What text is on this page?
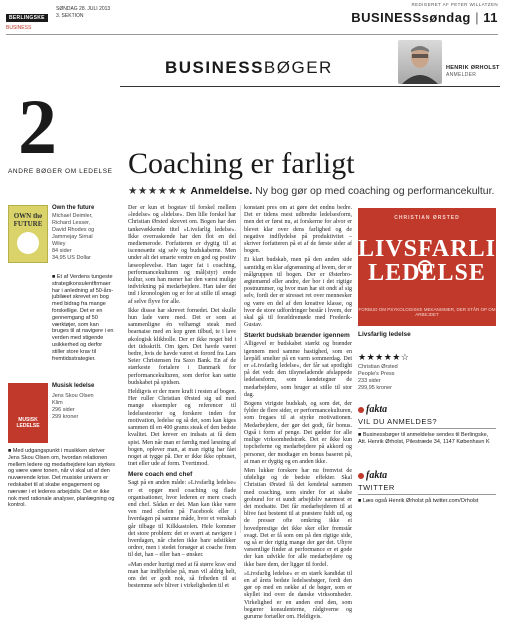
BERLINGSKE
BUSINESS
SØNDAG 28. JULI 2013
3. SEKTION
REDIGERET AF PETER WILLATZEN
BUSINESSsøndag | 11
BUSINESSBØGER	HENRIK ØRHOLST
ANMELDER
2
ANDRE BØGER OM LEDELSE
OWN the FUTURE
Own the future
Michael Deimler,
Richard Lesser,
David Rhodes og
Jammejay Sirnal
Wiley
84 sider
34,95 US Dollar
■ Et af Verdens tungeste strategikonsulentfirmaer har i anledning af 50-års-jubilæet skrevet en bog med bidrag fra mange forskellige. Det er en gennemgang af 50 værktøjer, som kan bruges til at navigere i en verden med stigende usikkerhed og derfor stiller store krav til fremtidsstrategier.
MUSISK LEDELSE
Musisk ledelse
Jens Skou Olsen
Klim
296 sider
299 kroner
■ Med udgangspunkt i musikken skriver Jens Skou Olsen om, hvordan relationen mellem ledere og medarbejdere kan styrkes og være være tonen, når vi skal ud af den nuværende krise. Det musiske univers er redskabet til at skabe engagement og nærvær i et lederes arbejdsliv. Det er ikke nok med rationale analyser, planlægning og kontrol.
Coaching er farligt
★★★★★★ Anmeldelse. Ny bog gør op med coaching og performancekultur.

Der er kun et bogstav til forskel mellem »ledelse« og »lidelse«. Den lille forskel har Christian Ørsted skrevet om. Bogen har den tankevækkende titel »Livsfarlig ledelse«. Ikke overraskende har den flot en del mediemerode. Forfatteren er dygtig til at iscenesætte sig selv og budskaberne. Men under alt det smarte ventre en god og positiv læseoplevelse. Han tager fat i coaching, performancekulturen og mål(styr) erede kultur, som han mener har den værst mulige indvirkning på medarbejdere. Han taler det ind i kronologien og er for at stille til smagt af selve flyve for alle.

Ikke dissse har skrevet fornedet. Det skulle hun lade være med. Det er som at sammenligne én velhængt steak med bearnaise med en kop grøn tilbud, te i lave økologisk klikbolle. Der er ikke noget bid i det tidsskrift. Om igen. Det havde været bedre, hvis de havde været et forord fra Lars Seier Christensen fra Saxo Bank. En af de stærkeste fortalere i Danmark for performancekulturen, som derfor kan sætte budskabet på spidsen.

Heldigvis er der mere kraft i resten af bogen. Her ruller Christian Ørsted sig ud med mange eksempler og referencer til ledelsesteorier og forskere inden for motivation, ledelse og så det, som kan kiges sammen til en 400 grams steak ef den bedste kvalitet. Det krever en indsats at få dem spist. Men når man er færdig med læsning af bogen, oplever man, at man rigtig har fået noget at tygge på. Der er ikke ikke opbuset, træt eller ude af form. Tvertimod.

Mere coach end chef

Sagt på en anden måde: »Livsfarlig ledelse« er et opgør med coaching og flade organisationer, hvor lederen er mere coach end chef. Sådan er det. Man kan ikke være ven med chefen på Facebook eller i hverdagen på samme måde, hvor et venskab går tilbage til Kilkkastolen. Hele kommer det store problem: det er svært at navigere i hverdagen, når chefen ikke bare udstikker ordrer, men i stedet forsøger at coache frem til det, han – eller han – ønsker.

»Man ender hurtigt med at få større krav end man har indflydelse på, man vil aldrig helt, om det er godt nok, så friheden til at bestemme selv bliver i virkeligheden til et

konstant pres om at gøre det endnu bedre. Det er tidens mest udbredte ledelsesform, men det er først nu, at forskerne for alvor er blevet klar over dens farlighed og de negative indflydelse på produktivitet – skriver forfatteren på et af de første sider af bogen.

Et klart budskab, men på den anden side samtidig en klar afgrænsning af hvem, der er målgruppen til bogen. Der er Østerbro-ægtemænd eller andre, der bor i det rigtige postnummer, og hvor man har sit ondt af sig selv, fordi der er stresset ret over mennesker og være en del af den kreative klasse, og hvor de store udfordringer består i hvem, der skal gå til forældremøde med Frederik-Gustav.

Stærkt budskab brænder igennem

Alligevel er budskabet stærkt og brænder igennem med samme hastighed, som en lavpåfl smelter på en varm sommerdag. Det er »Livsfarlig ledelse«, der får sat spotlight på det vedr. den tilsyneladende afslappede ledelsesform, som kendetegner de medarbejdere, som bruger at stille til stor dag.

Bogens virigste budskab, og som det, der fylder de flere sider, er performancekulturen, som fregaes til at styrke motivationen. Medarbejdere, der gør det godt, får bonus. Også i form af penge. Det gælder for alle mulige virksomhedstræk. Det er ikke kun topcheferne og medarbejdere på akkord og personer, der modtager en bonus baseret på, at man er dygtig og en anden ikke.

Men lukker forskere har nu fremvist de ufølelige og de bedste effekter. Skal Christian Ørsted få det kendetal sammen med coaching, som sinder for at skabe grobund for et sundt arbejdsliv nærmest er det modsatte. Det får medarbejderen til at blive fast bestemt til at præstere fuldt ud, og de presser ofte omkring ikke et hovedprestige det ikke sker eller fremstår svagt. Det er få som om på den rigtige side, og så er der rigtig mange der gør det. Uhyre væsentlige finder at performance er et gode der kan udvikle for alle medarbejdere og ikke bare dem, der ligger til fordel.

»Livsfarlig ledelse« er en stærk kandidat til en af årets bedste ledelsesbøger, fordi den gør op med en række af de bøger, som er skyllet ind over de danske virksomheder. Virkelighed er en anden end den, som begærer konsulenterne, rådgiverne og gururne fortæller om. Heldigvis.

CHRISTIAN ØRSTED
LIVSFARLIG LEDELSE
FORBUD OM PSYKOLOGISKE MEKANISMER, DER STÅR OP OM ARBEJDET
Livsfarlig ledelse
★★★★★☆
Christian Ørsted
People's Press
233 sider
299,95 kroner
fakta
VIL DU ANMELDES?
■ Businessbøger til anmeldelse sendes til Berlingske, Att. Henrik Ørholst, Pilestræde 34, 1147 København K
fakta
TWITTER
■ Læs også Henrik Ørholst på twitter.com/Orholst
